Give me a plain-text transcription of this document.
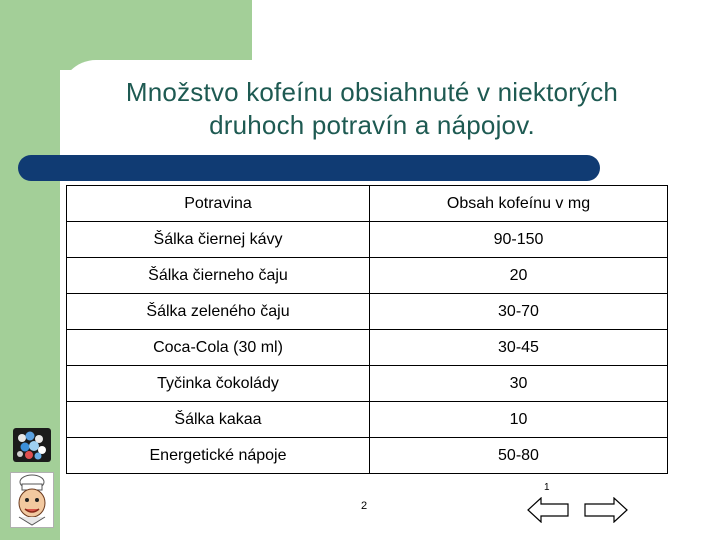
Množstvo kofeínu obsiahnuté v niektorých
druhoch potravín a nápojov.
Potravina	Obsah kofeínu v mg
Šálka čiernej kávy	90-150
Šálka čierneho čaju	20
Šálka zeleného čaju	30-70
Coca-Cola (30 ml)	30-45
Tyčinka čokolády	30
Šálka kakaa	10
Energetické nápoje	50-80
2
1
